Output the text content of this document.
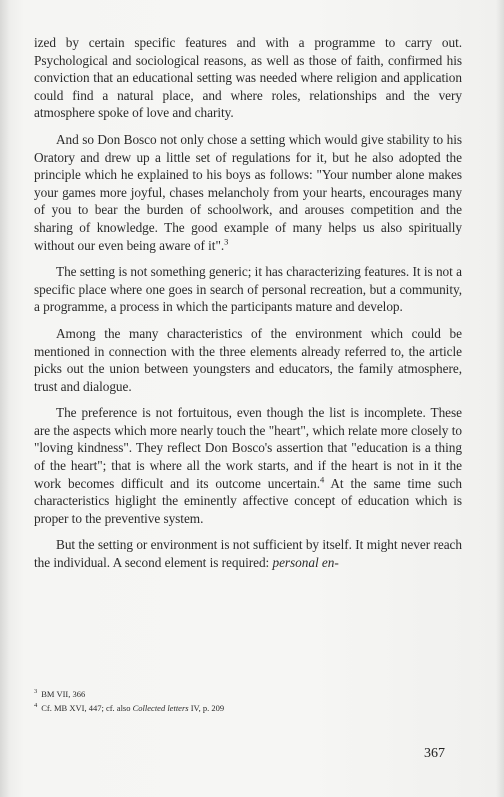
ized by certain specific features and with a programme to carry out. Psychological and sociological reasons, as well as those of faith, confirmed his conviction that an educational setting was needed where religion and application could find a natural place, and where roles, relationships and the very atmosphere spoke of love and charity.

And so Don Bosco not only chose a setting which would give stability to his Oratory and drew up a little set of regulations for it, but he also adopted the principle which he explained to his boys as follows: "Your number alone makes your games more joyful, chases melancholy from your hearts, encourages many of you to bear the burden of schoolwork, and arouses competition and the sharing of knowledge. The good example of many helps us also spiritually without our even being aware of it".$^3$

The setting is not something generic; it has characterizing features. It is not a specific place where one goes in search of personal recreation, but a community, a programme, a process in which the participants mature and develop.

Among the many characteristics of the environment which could be mentioned in connection with the three elements already referred to, the article picks out the union between youngsters and educators, the family atmosphere, trust and dialogue.

The preference is not fortuitous, even though the list is incomplete. These are the aspects which more nearly touch the "heart", which relate more closely to "loving kindness". They reflect Don Bosco's assertion that "education is a thing of the heart"; that is where all the work starts, and if the heart is not in it the work becomes difficult and its outcome uncertain.$^4$ At the same time such characteristics higlight the eminently affective concept of education which is proper to the preventive system.

But the setting or environment is not sufficient by itself. It might never reach the individual. A second element is required: personal en-

$^3$ BM VII, 366
$^4$ Cf. MB XVI, 447; cf. also Collected letters IV, p. 209
367
